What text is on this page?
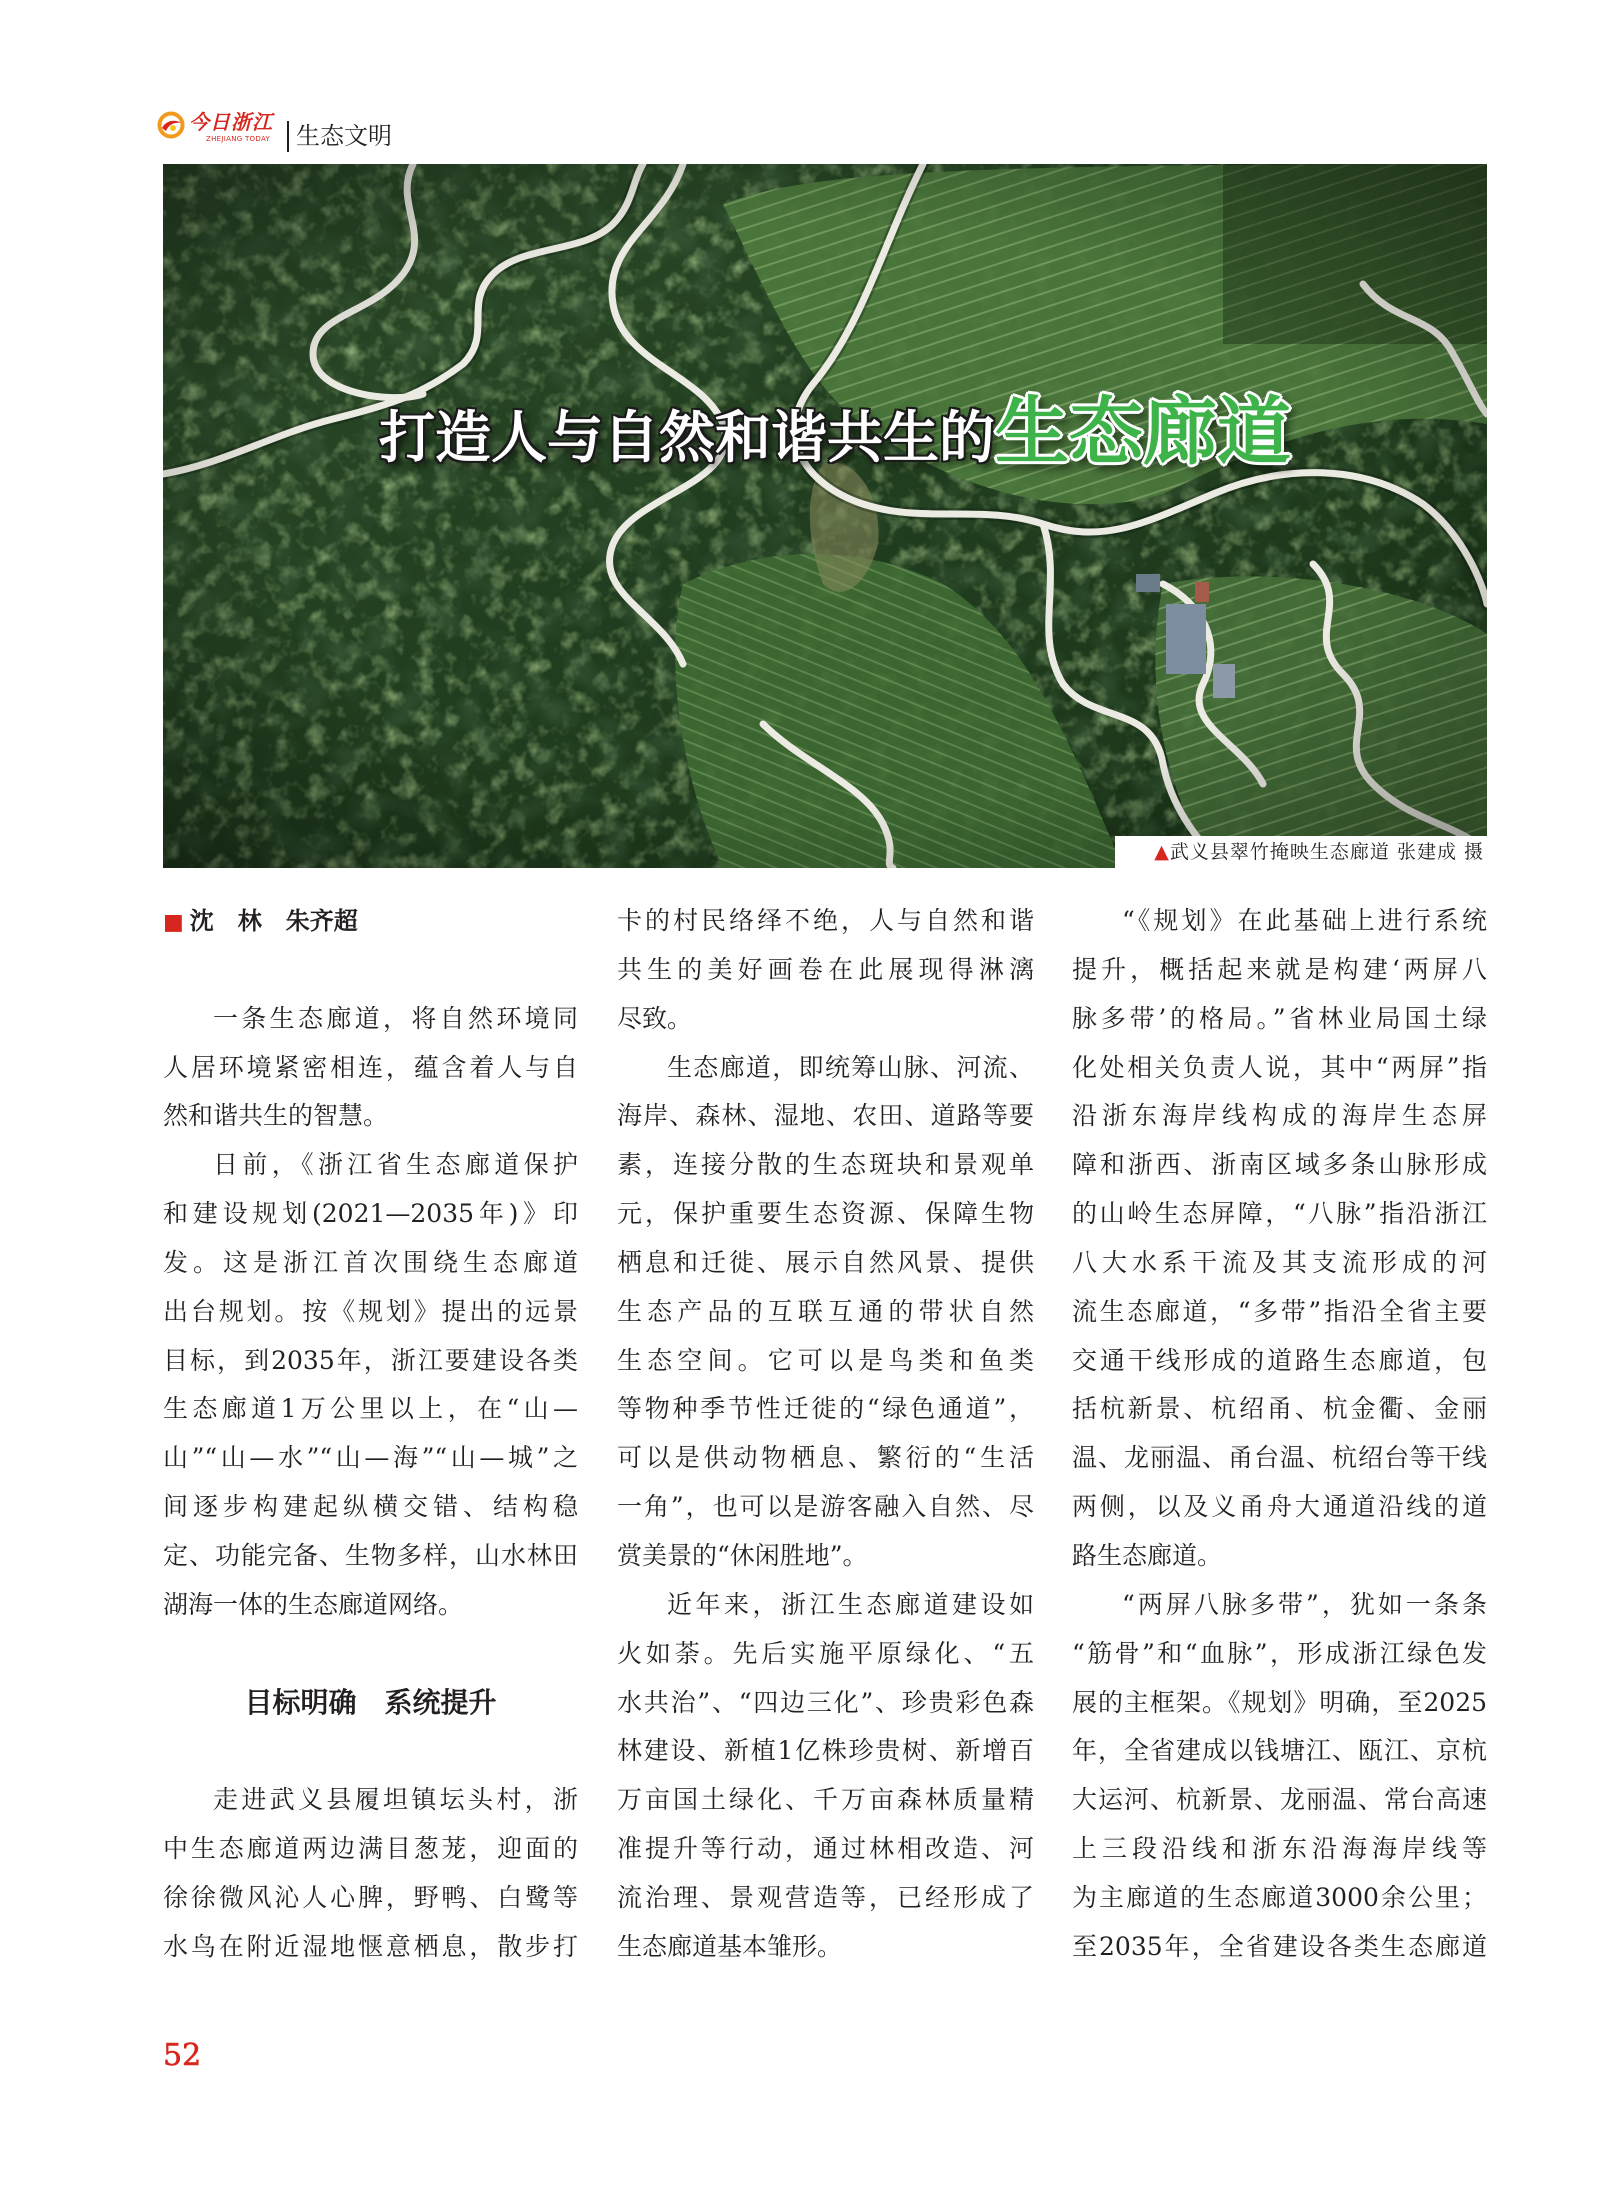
今日浙江
ZHEJIANG TODAY 生态文明
打造人与自然和谐共生的生态廊道
▲武义县翠竹掩映生态廊道 张建成 摄
■ 沈　林　朱齐超
一条生态廊道，将自然环境同
人居环境紧密相连，蕴含着人与自
然和谐共生的智慧。
日前，《浙江省生态廊道保护
和建设规划(2021—2035年)》印
发。这是浙江首次围绕生态廊道
出台规划。按《规划》提出的远景
目标，到2035年，浙江要建设各类
生态廊道1万公里以上，在“山—
山”“山—水”“山—海”“山—城”之
间逐步构建起纵横交错、结构稳
定、功能完备、生物多样，山水林田
湖海一体的生态廊道网络。
目标明确　系统提升
走进武义县履坦镇坛头村，浙
中生态廊道两边满目葱茏，迎面的
徐徐微风沁人心脾，野鸭、白鹭等
水鸟在附近湿地惬意栖息，散步打
卡的村民络绎不绝，人与自然和谐
共生的美好画卷在此展现得淋漓
尽致。
生态廊道，即统筹山脉、河流、
海岸、森林、湿地、农田、道路等要
素，连接分散的生态斑块和景观单
元，保护重要生态资源、保障生物
栖息和迁徙、展示自然风景、提供
生态产品的互联互通的带状自然
生态空间。它可以是鸟类和鱼类
等物种季节性迁徙的“绿色通道”，
可以是供动物栖息、繁衍的“生活
一角”，也可以是游客融入自然、尽
赏美景的“休闲胜地”。
近年来，浙江生态廊道建设如
火如荼。先后实施平原绿化、“五
水共治”、“四边三化”、珍贵彩色森
林建设、新植1亿株珍贵树、新增百
万亩国土绿化、千万亩森林质量精
准提升等行动，通过林相改造、河
流治理、景观营造等，已经形成了
生态廊道基本雏形。
“《规划》在此基础上进行系统
提升，概括起来就是构建‘两屏八
脉多带’的格局。”省林业局国土绿
化处相关负责人说，其中“两屏”指
沿浙东海岸线构成的海岸生态屏
障和浙西、浙南区域多条山脉形成
的山岭生态屏障，“八脉”指沿浙江
八大水系干流及其支流形成的河
流生态廊道，“多带”指沿全省主要
交通干线形成的道路生态廊道，包
括杭新景、杭绍甬、杭金衢、金丽
温、龙丽温、甬台温、杭绍台等干线
两侧，以及义甬舟大通道沿线的道
路生态廊道。
“两屏八脉多带”，犹如一条条
“筋骨”和“血脉”，形成浙江绿色发
展的主框架。《规划》明确，至2025
年，全省建成以钱塘江、瓯江、京杭
大运河、杭新景、龙丽温、常台高速
上三段沿线和浙东沿海海岸线等
为主廊道的生态廊道3000余公里；
至2035年，全省建设各类生态廊道
52
